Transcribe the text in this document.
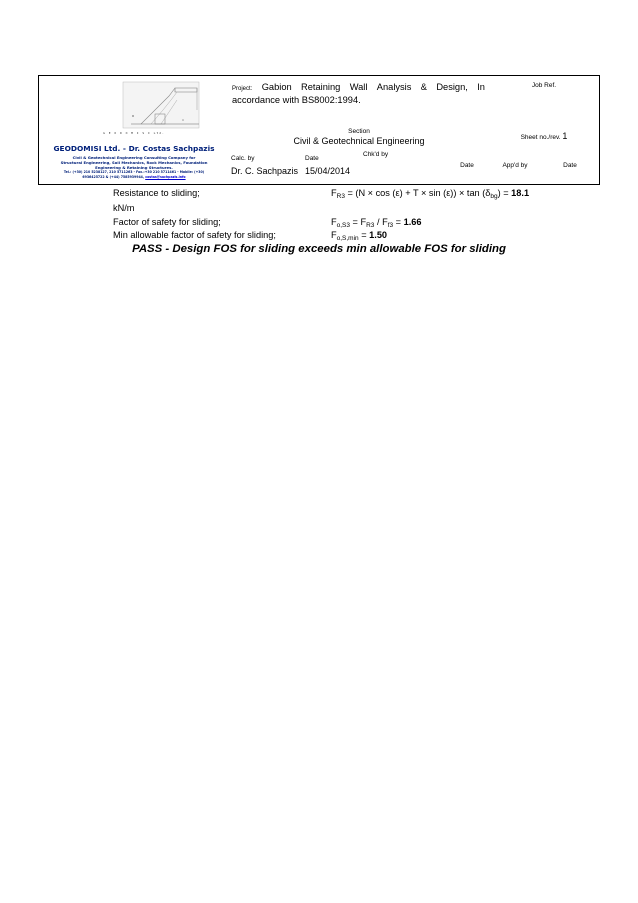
G E O D O M I S I Ltd.
GEODOMISI Ltd. - Dr. Costas Sachpazis
Civil & Geotechnical Engineering Consulting Company for
Structural Engineering, Soil Mechanics, Rock Mechanics, Foundation
Engineering & Retaining Structures.
Tel.: (+30) 210 5238127, 210 5711263 - Fax.:+30 210 5711461 - Mobile: (+30)
6936425722 & (+44) 7585939944, costas@sachpazis.info
Project: Gabion Retaining Wall Analysis & Design, In
accordance with BS8002:1994.
Job Ref.
Section
Civil & Geotechnical Engineering	Sheet no./rev. 1
Calc. by
Dr. C. Sachpazis
Date
15/04/2014
Chk'd by
Date	App'd by	Date
Resistance to sliding;	$F_{R3} = (N \times \cos (\varepsilon) + T \times \sin (\varepsilon)) \times \tan (\delta_{bg}) = 18.1$
kN/m
Factor of safety for sliding;	$F_{o,S3} = F_{R3} / F_{f3} = 1.66$
Min allowable factor of safety for sliding;	$F_{o,S,min} = 1.50$
PASS - Design FOS for sliding exceeds min allowable FOS for sliding
